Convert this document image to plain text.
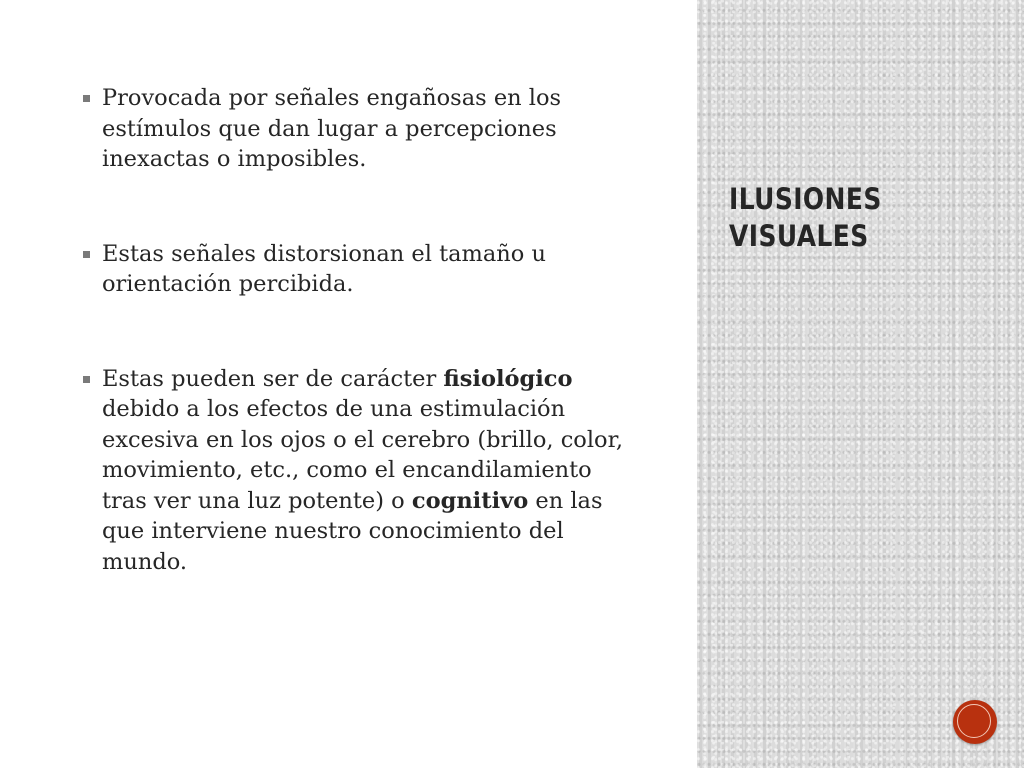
Provocada por señales engañosas en los estímulos que dan lugar a percepciones inexactas o imposibles.

Estas señales distorsionan el tamaño u orientación percibida.

Estas pueden ser de carácter fisiológico debido a los efectos de una estimulación excesiva en los ojos o el cerebro (brillo, color, movimiento, etc., como el encandilamiento tras ver una luz potente) o cognitivo en las que interviene nuestro conocimiento del mundo.

ILUSIONES
VISUALES
